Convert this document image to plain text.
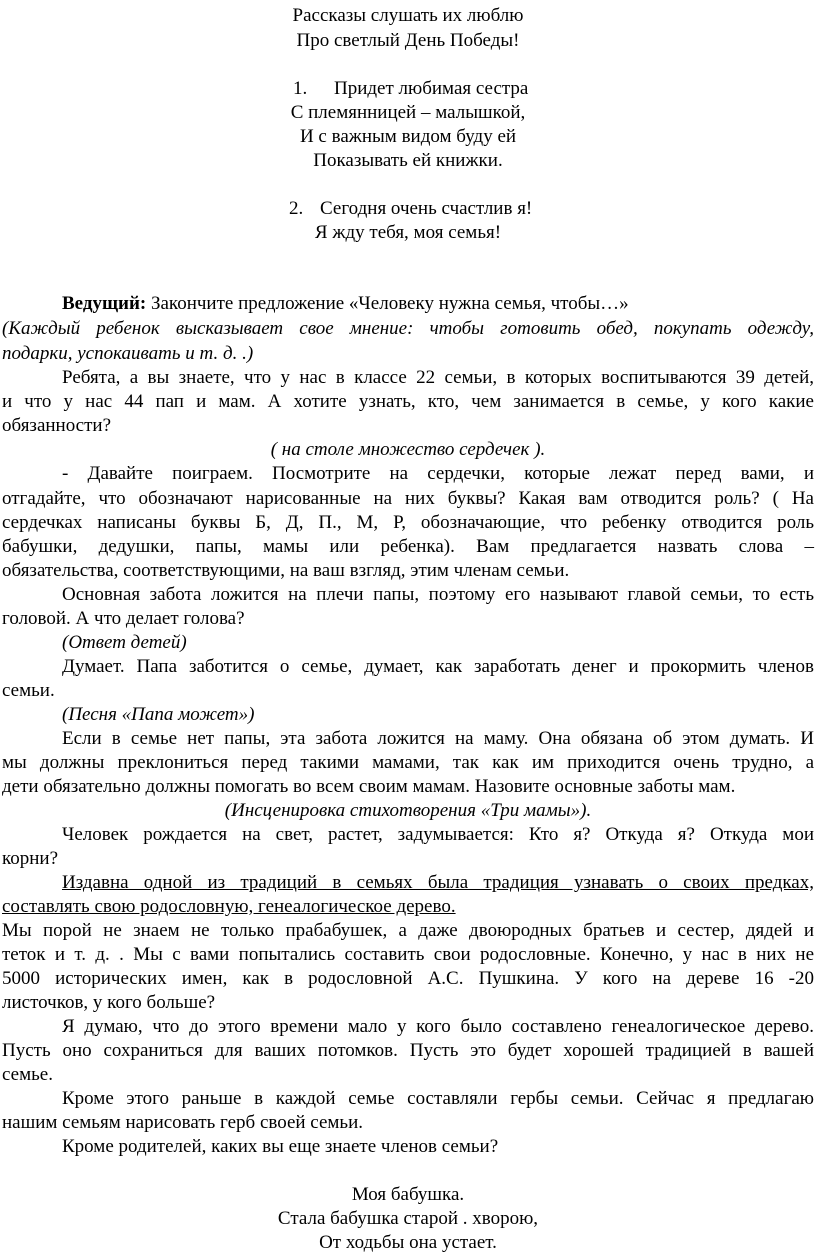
Рассказы слушать их люблю
Про светлый День Победы!
1. Придет любимая сестра
С племянницей – малышкой,
И с важным видом буду ей
Показывать ей книжки.
2. Сегодня очень счастлив я!
Я жду тебя, моя семья!
Ведущий: Закончите предложение «Человеку нужна семья, чтобы…»
(Каждый ребенок высказывает свое мнение: чтобы готовить обед, покупать одежду,
подарки, успокаивать и т. д. .)
Ребята, а вы знаете, что у нас в классе 22 семьи, в которых воспитываются 39 детей,
и что у нас 44 пап и мам. А хотите узнать, кто, чем занимается в семье, у кого какие
обязанности?
( на столе множество сердечек ).
- Давайте поиграем. Посмотрите на сердечки, которые лежат перед вами, и
отгадайте, что обозначают нарисованные на них буквы? Какая вам отводится роль? ( На
сердечках написаны буквы Б, Д, П., М, Р, обозначающие, что ребенку отводится роль
бабушки, дедушки, папы, мамы или ребенка). Вам предлагается назвать слова –
обязательства, соответствующими, на ваш взгляд, этим членам семьи.
Основная забота ложится на плечи папы, поэтому его называют главой семьи, то есть
головой. А что делает голова?
(Ответ детей)
Думает. Папа заботится о семье, думает, как заработать денег и прокормить членов
семьи.
(Песня «Папа может»)
Если в семье нет папы, эта забота ложится на маму. Она обязана об этом думать. И
мы должны преклониться перед такими мамами, так как им приходится очень трудно, а
дети обязательно должны помогать во всем своим мамам. Назовите основные заботы мам.
(Инсценировка стихотворения «Три мамы»).
Человек рождается на свет, растет, задумывается: Кто я? Откуда я? Откуда мои
корни?
Издавна одной из традиций в семьях была традиция узнавать о своих предках,
составлять свою родословную, генеалогическое дерево.
Мы порой не знаем не только прабабушек, а даже двоюродных братьев и сестер, дядей и
теток и т. д. . Мы с вами попытались составить свои родословные. Конечно, у нас в них не
5000 исторических имен, как в родословной А.С. Пушкина. У кого на дереве 16 -20
листочков, у кого больше?
Я думаю, что до этого времени мало у кого было составлено генеалогическое дерево.
Пусть оно сохраниться для ваших потомков. Пусть это будет хорошей традицией в вашей
семье.
Кроме этого раньше в каждой семье составляли гербы семьи. Сейчас я предлагаю
нашим семьям нарисовать герб своей семьи.
Кроме родителей, каких вы еще знаете членов семьи?
Моя бабушка.
Стала бабушка старой . хворою,
От ходьбы она устает.
